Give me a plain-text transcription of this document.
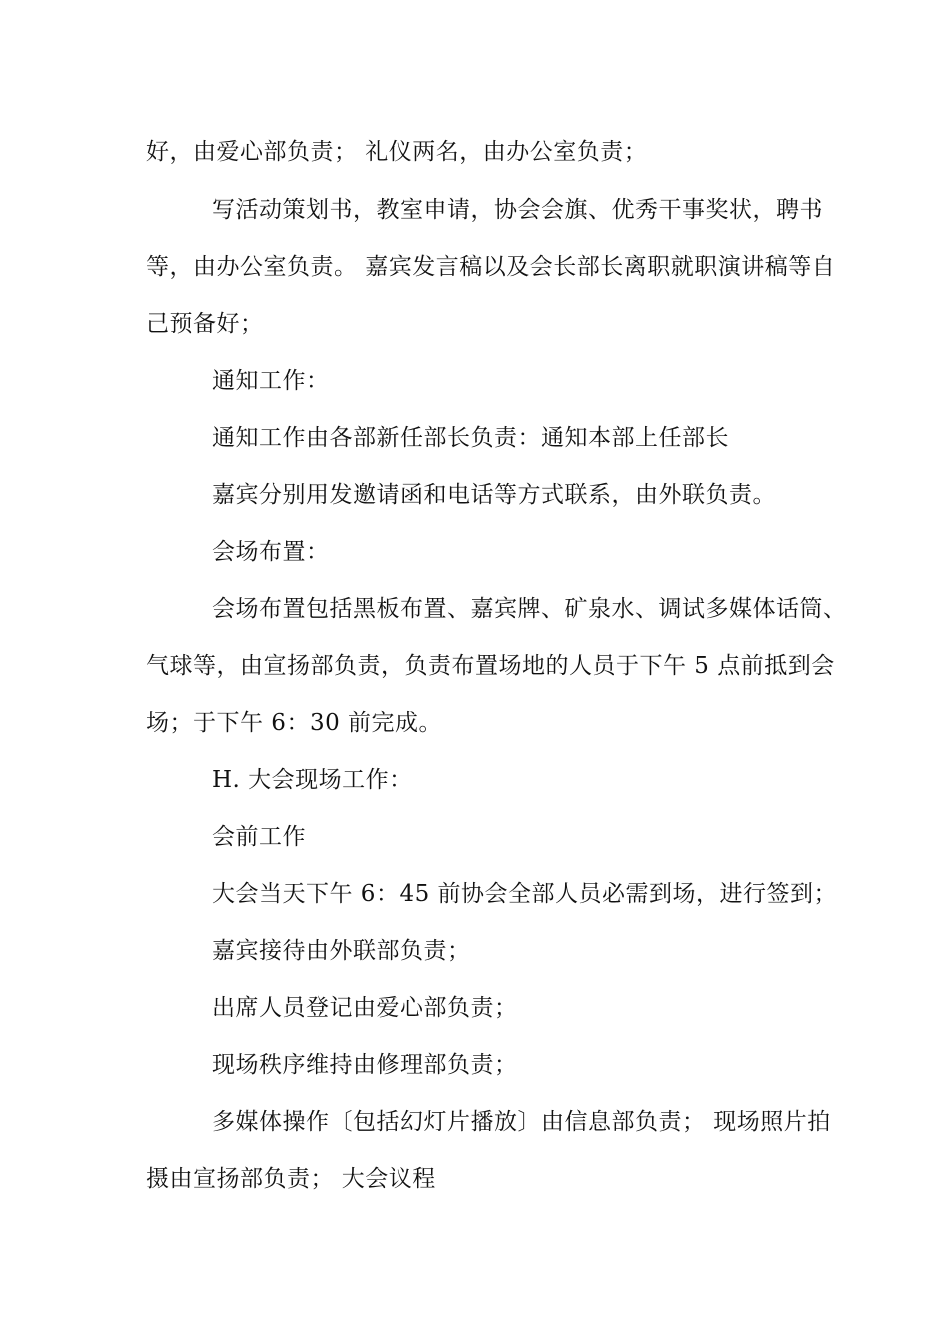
好，由爱心部负责； 礼仪两名，由办公室负责；
写活动策划书，教室申请，协会会旗、优秀干事奖状，聘书
等，由办公室负责。 嘉宾发言稿以及会长部长离职就职演讲稿等自
己预备好；
通知工作：
通知工作由各部新任部长负责：通知本部上任部长
嘉宾分别用发邀请函和电话等方式联系，由外联负责。
会场布置：
会场布置包括黑板布置、嘉宾牌、矿泉水、调试多媒体话筒、
气球等，由宣扬部负责，负责布置场地的人员于下午 5 点前抵到会
场；于下午 6：30 前完成。
H. 大会现场工作：
会前工作
大会当天下午 6：45 前协会全部人员必需到场，进行签到；
嘉宾接待由外联部负责；
出席人员登记由爱心部负责；
现场秩序维持由修理部负责；
多媒体操作〔包括幻灯片播放〕由信息部负责； 现场照片拍
摄由宣扬部负责； 大会议程
